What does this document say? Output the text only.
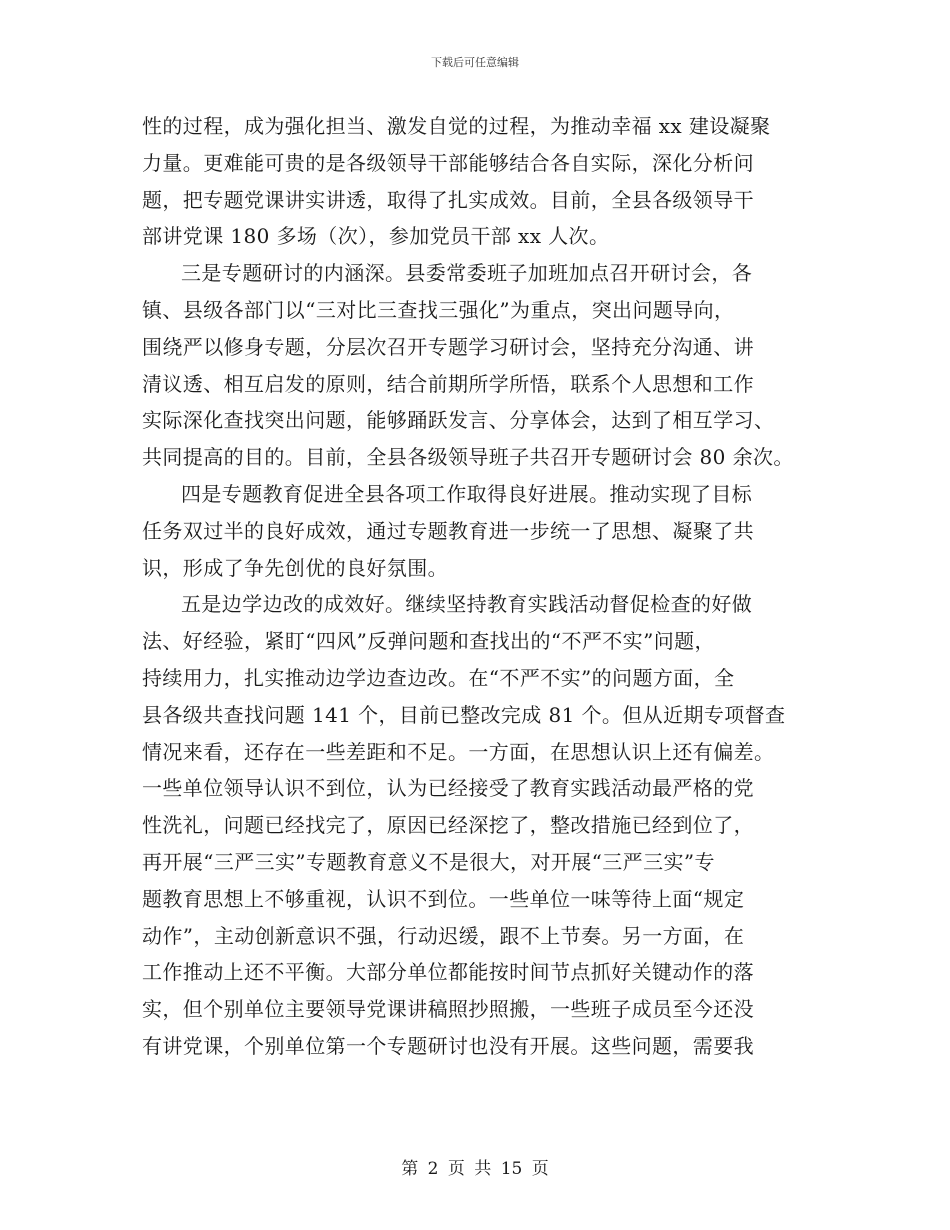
下载后可任意编辑
性的过程，成为强化担当、激发自觉的过程，为推动幸福 xx 建设凝聚
力量。更难能可贵的是各级领导干部能够结合各自实际，深化分析问
题，把专题党课讲实讲透，取得了扎实成效。目前，全县各级领导干
部讲党课 180 多场（次），参加党员干部 xx 人次。
三是专题研讨的内涵深。县委常委班子加班加点召开研讨会，各
镇、县级各部门以“三对比三查找三强化”为重点，突出问题导向，
围绕严以修身专题，分层次召开专题学习研讨会，坚持充分沟通、讲
清议透、相互启发的原则，结合前期所学所悟，联系个人思想和工作
实际深化查找突出问题，能够踊跃发言、分享体会，达到了相互学习、
共同提高的目的。目前，全县各级领导班子共召开专题研讨会 80 余次。
四是专题教育促进全县各项工作取得良好进展。推动实现了目标
任务双过半的良好成效，通过专题教育进一步统一了思想、凝聚了共
识，形成了争先创优的良好氛围。
五是边学边改的成效好。继续坚持教育实践活动督促检查的好做
法、好经验，紧盯“四风”反弹问题和查找出的“不严不实”问题，
持续用力，扎实推动边学边查边改。在“不严不实”的问题方面，全
县各级共查找问题 141 个，目前已整改完成 81 个。但从近期专项督查
情况来看，还存在一些差距和不足。一方面，在思想认识上还有偏差。
一些单位领导认识不到位，认为已经接受了教育实践活动最严格的党
性洗礼，问题已经找完了，原因已经深挖了，整改措施已经到位了，
再开展“三严三实”专题教育意义不是很大，对开展“三严三实”专
题教育思想上不够重视，认识不到位。一些单位一味等待上面“规定
动作”，主动创新意识不强，行动迟缓，跟不上节奏。另一方面，在
工作推动上还不平衡。大部分单位都能按时间节点抓好关键动作的落
实，但个别单位主要领导党课讲稿照抄照搬，一些班子成员至今还没
有讲党课，个别单位第一个专题研讨也没有开展。这些问题，需要我
第 2 页 共 15 页
